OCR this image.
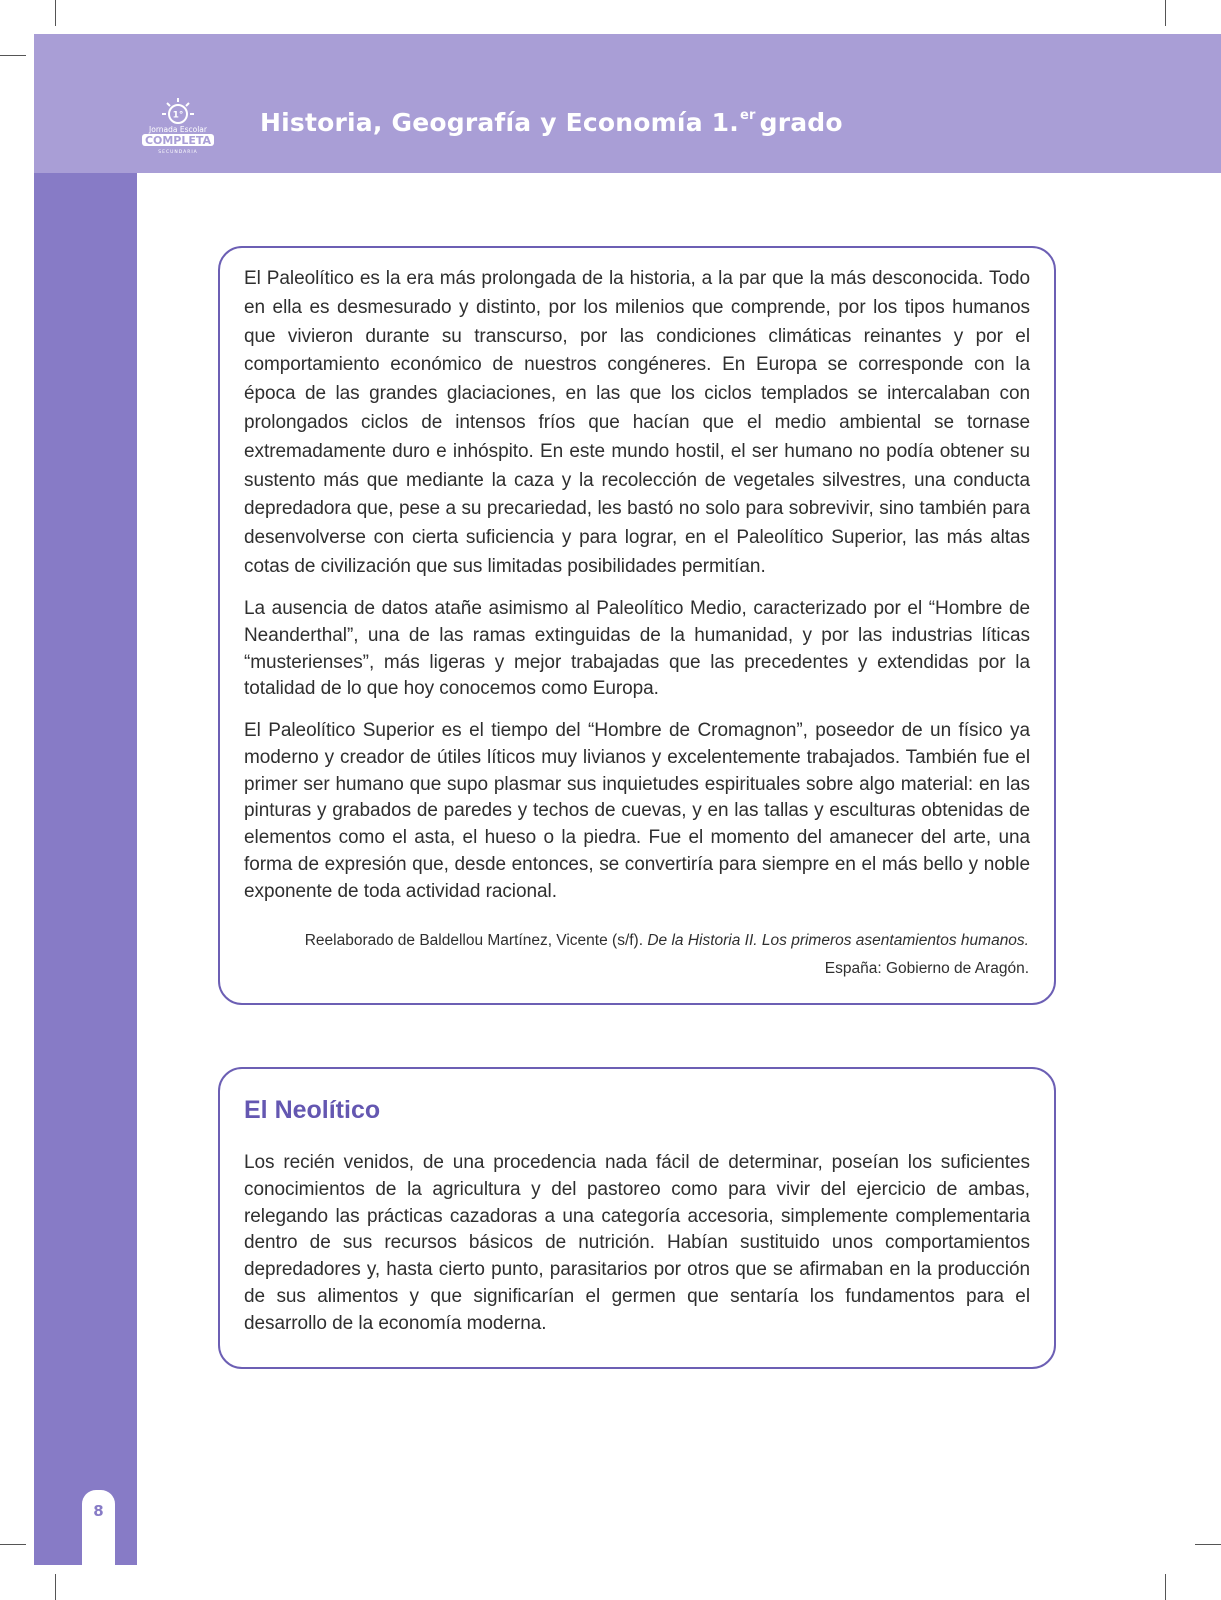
1°
Jornada Escolar
COMPLETA
SECUNDARIA
Historia, Geografía y Economía 1.$^{er}$ grado
8

El Paleolítico es la era más prolongada de la historia, a la par que la más desconocida. Todo en ella es desmesurado y distinto, por los milenios que comprende, por los tipos humanos que vivieron durante su transcurso, por las condiciones climáticas reinantes y por el comportamiento económico de nuestros congéneres. En Europa se corresponde con la época de las grandes glaciaciones, en las que los ciclos templados se intercalaban con prolongados ciclos de intensos fríos que hacían que el medio ambiental se tornase extremadamente duro e inhóspito. En este mundo hostil, el ser humano no podía obtener su sustento más que mediante la caza y la recolección de vegetales silvestres, una conducta depredadora que, pese a su precariedad, les bastó no solo para sobrevivir, sino también para desenvolverse con cierta suficiencia y para lograr, en el Paleolítico Superior, las más altas cotas de civilización que sus limitadas posibilidades permitían.

La ausencia de datos atañe asimismo al Paleolítico Medio, caracterizado por el “Hombre de Neanderthal”, una de las ramas extinguidas de la humanidad, y por las industrias líticas “musterienses”, más ligeras y mejor trabajadas que las precedentes y extendidas por la totalidad de lo que hoy conocemos como Europa.

El Paleolítico Superior es el tiempo del “Hombre de Cromagnon”, poseedor de un físico ya moderno y creador de útiles líticos muy livianos y excelentemente trabajados. También fue el primer ser humano que supo plasmar sus inquietudes espirituales sobre algo material: en las pinturas y grabados de paredes y techos de cuevas, y en las tallas y esculturas obtenidas de elementos como el asta, el hueso o la piedra. Fue el momento del amanecer del arte, una forma de expresión que, desde entonces, se convertiría para siempre en el más bello y noble exponente de toda actividad racional.

Reelaborado de Baldellou Martínez, Vicente (s/f). De la Historia II. Los primeros asentamientos humanos.

España: Gobierno de Aragón.

El Neolítico

Los recién venidos, de una procedencia nada fácil de determinar, poseían los suficientes conocimientos de la agricultura y del pastoreo como para vivir del ejercicio de ambas, relegando las prácticas cazadoras a una categoría accesoria, simplemente complementaria dentro de sus recursos básicos de nutrición. Habían sustituido unos comportamientos depredadores y, hasta cierto punto, parasitarios por otros que se afirmaban en la producción de sus alimentos y que significarían el germen que sentaría los fundamentos para el desarrollo de la economía moderna.
